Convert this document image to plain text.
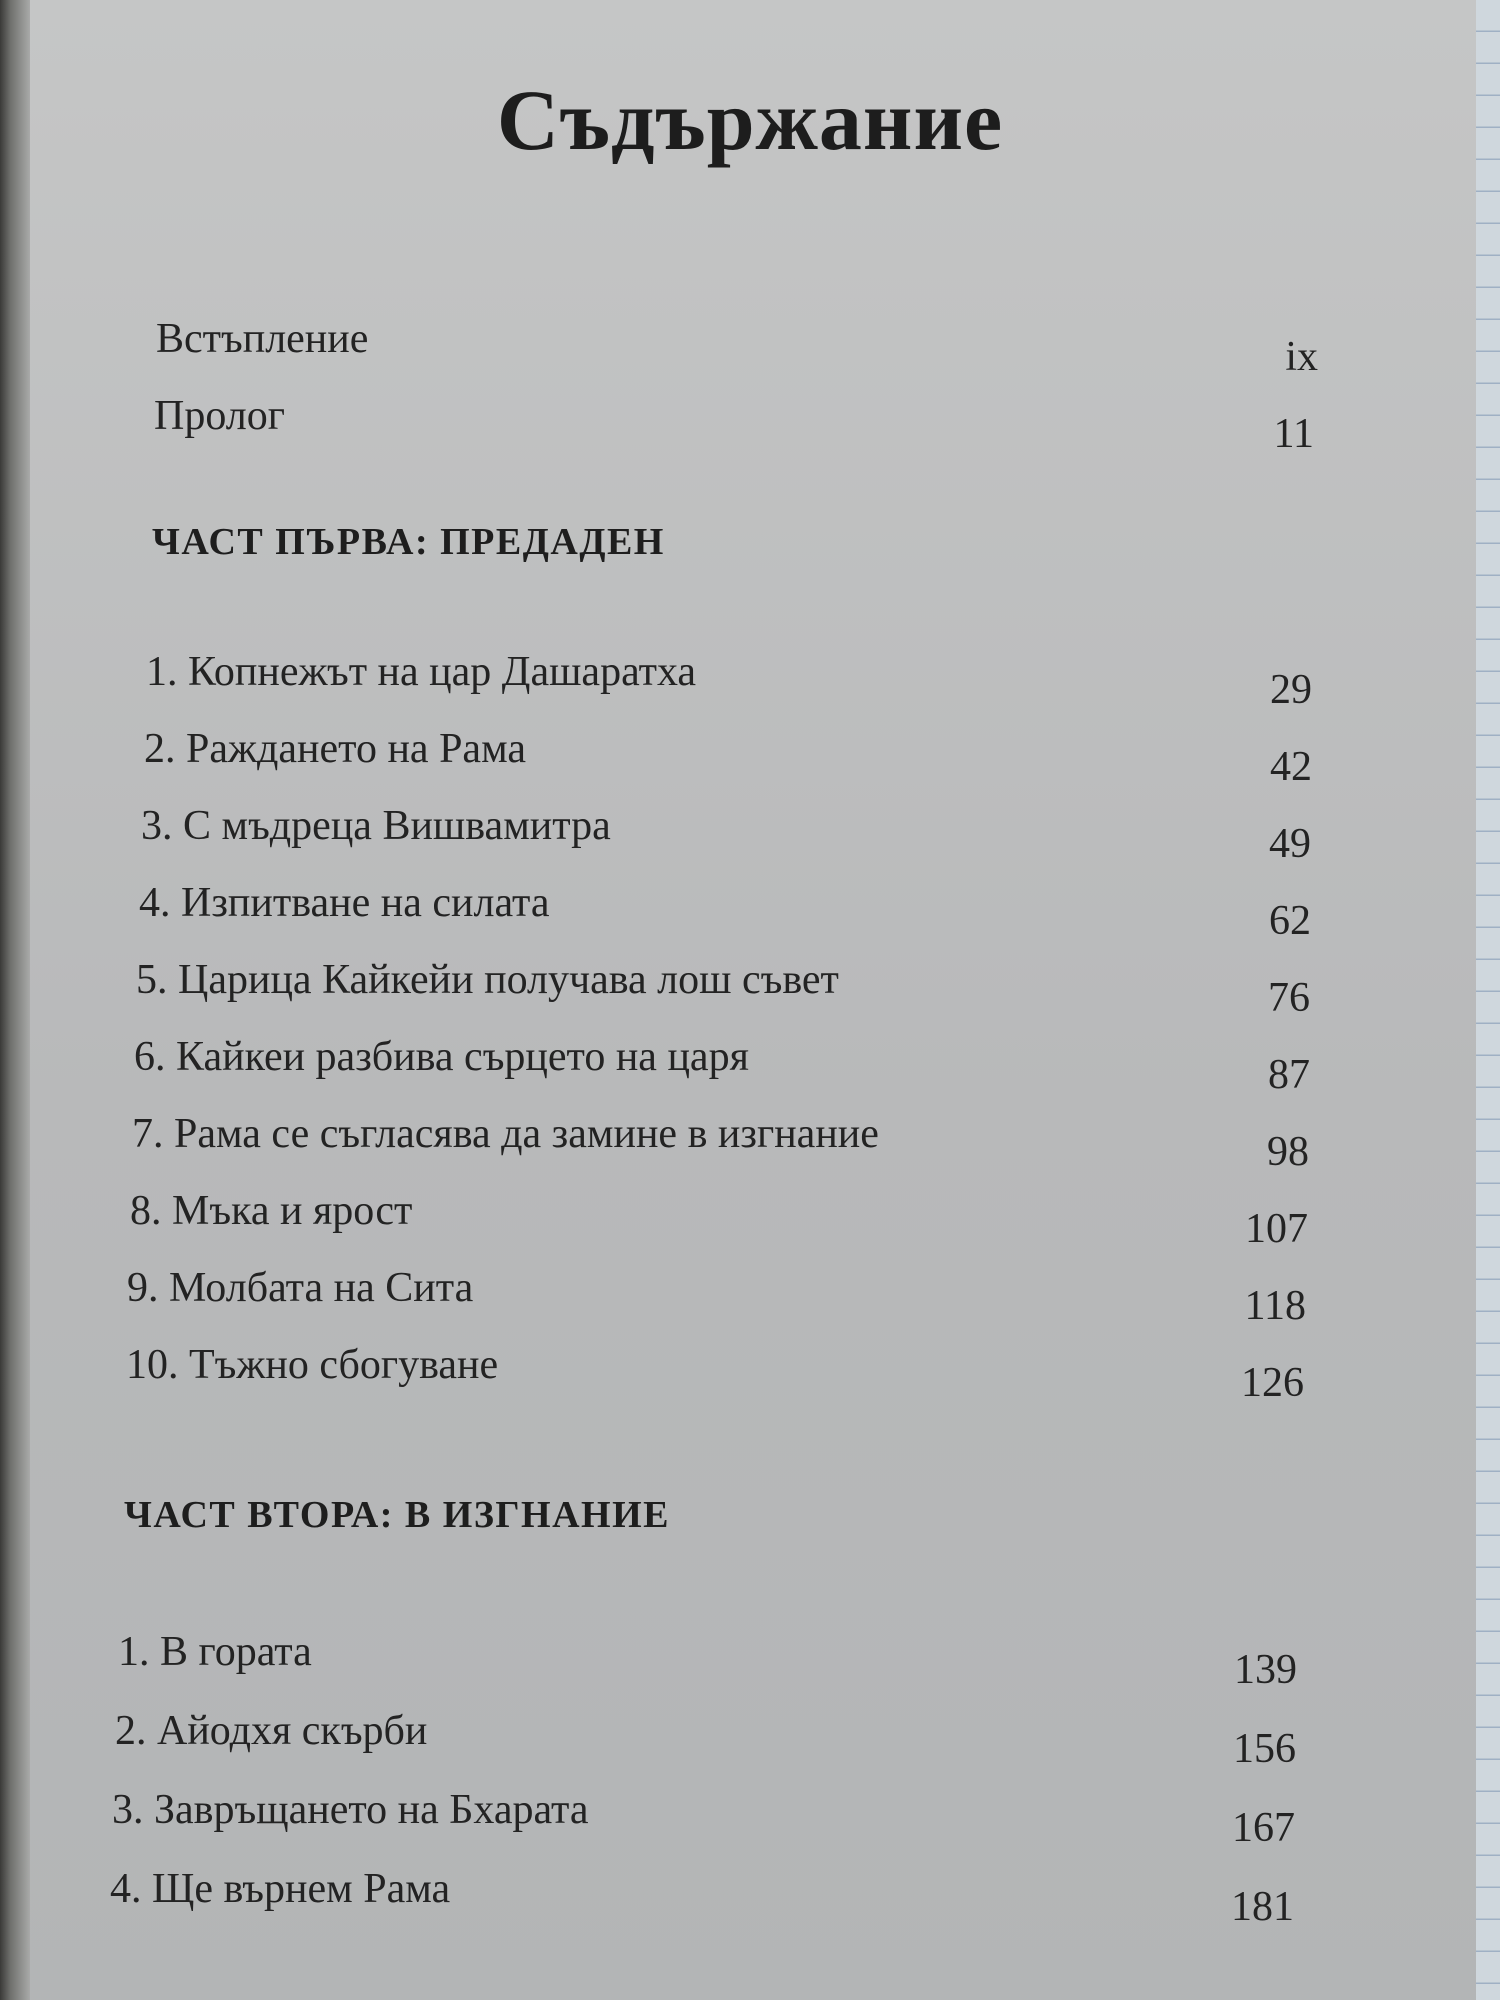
Съдържание
Встъпление	ix
Пролог	11
ЧАСТ ПЪРВА: ПРЕДАДЕН
1. Копнежът на цар Дашаратха	29
2. Раждането на Рама	42
3. С мъдреца Вишвамитра	49
4. Изпитване на силата	62
5. Царица Кайкейи получава лош съвет	76
6. Кайкеи разбива сърцето на царя	87
7. Рама се съгласява да замине в изгнание	98
8. Мъка и ярост	107
9. Молбата на Сита	118
10. Тъжно сбогуване	126
ЧАСТ ВТОРА: В ИЗГНАНИЕ
1. В гората	139
2. Айодхя скърби	156
3. Завръщането на Бхарата	167
4. Ще върнем Рама	181
